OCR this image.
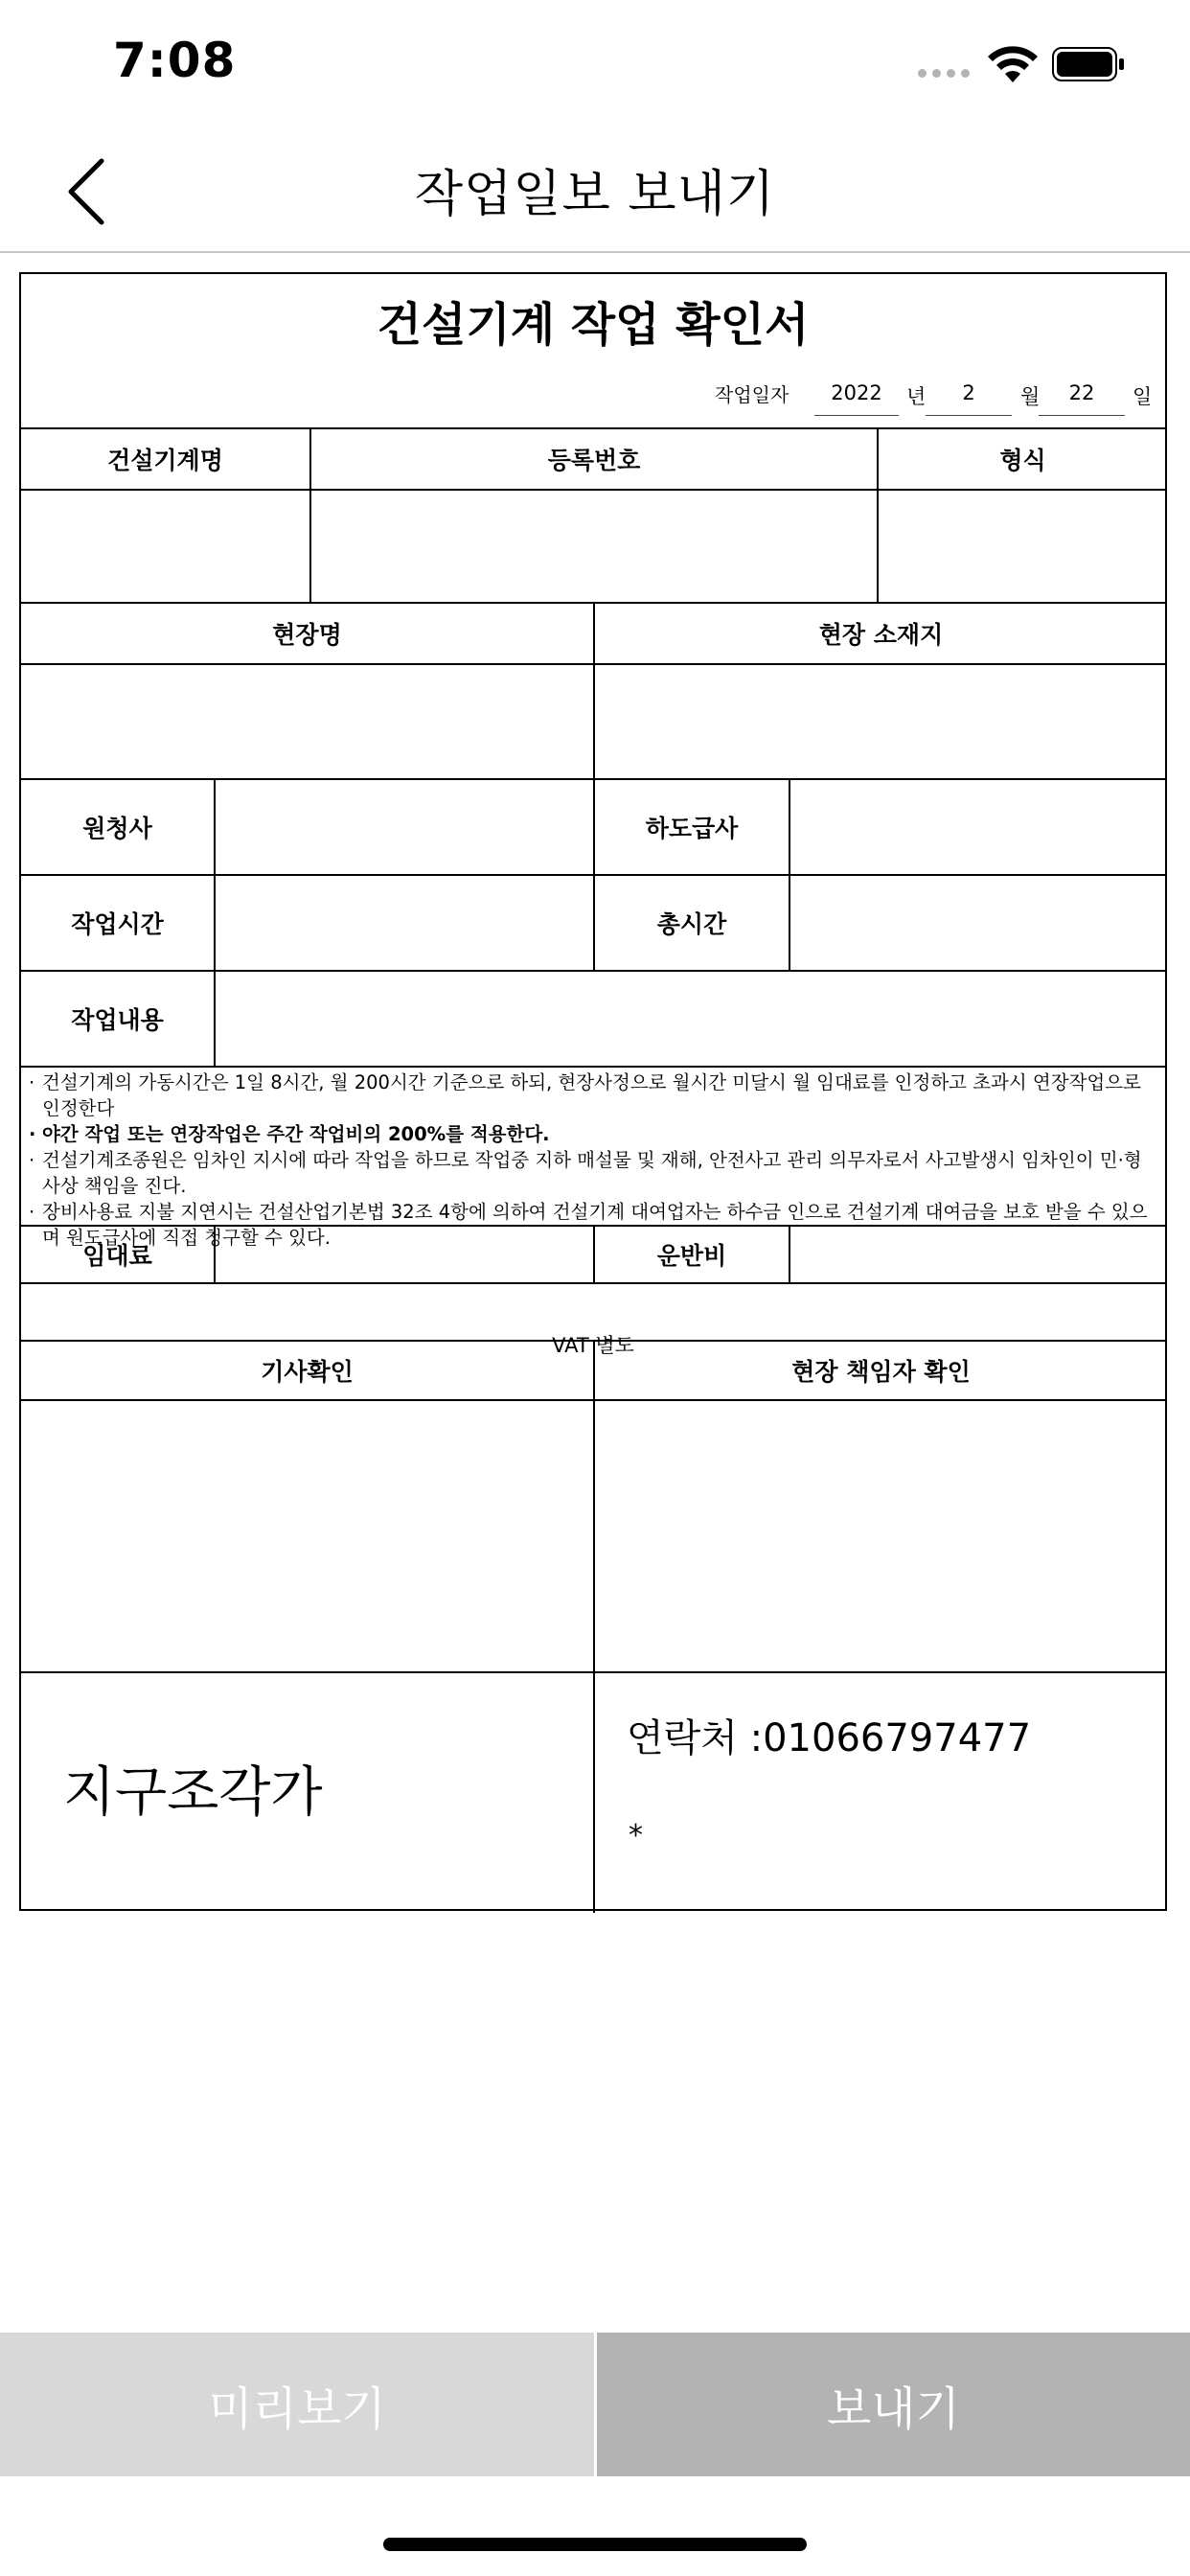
7:08
작업일보 보내기
건설기계 작업 확인서
작업일자	2022	년	2	월	22	일
건설기계명	등록번호	형식
현장명	현장 소재지
원청사	하도급사
작업시간	총시간
작업내용
· 건설기계의 가동시간은 1일 8시간, 월 200시간 기준으로 하되, 현장사정으로 월시간 미달시 월 임대료를 인정하고 초과시 연장작업으로 인정한다
· 야간 작업 또는 연장작업은 주간 작업비의 200%를 적용한다.
· 건설기계조종원은 임차인 지시에 따라 작업을 하므로 작업중 지하 매설물 및 재해, 안전사고 관리 의무자로서 사고발생시 임차인이 민·형사상 책임을 진다.
· 장비사용료 지불 지연시는 건설산업기본법 32조 4항에 의하여 건설기계 대여업자는 하수금 인으로 건설기계 대여금을 보호 받을 수 있으며 원도급사에 직접 청구할 수 있다.
임대료	운반비
VAT 별도
기사확인	현장 책임자 확인
지구조각가
연락처 :01066797477
*
미리보기	보내기
